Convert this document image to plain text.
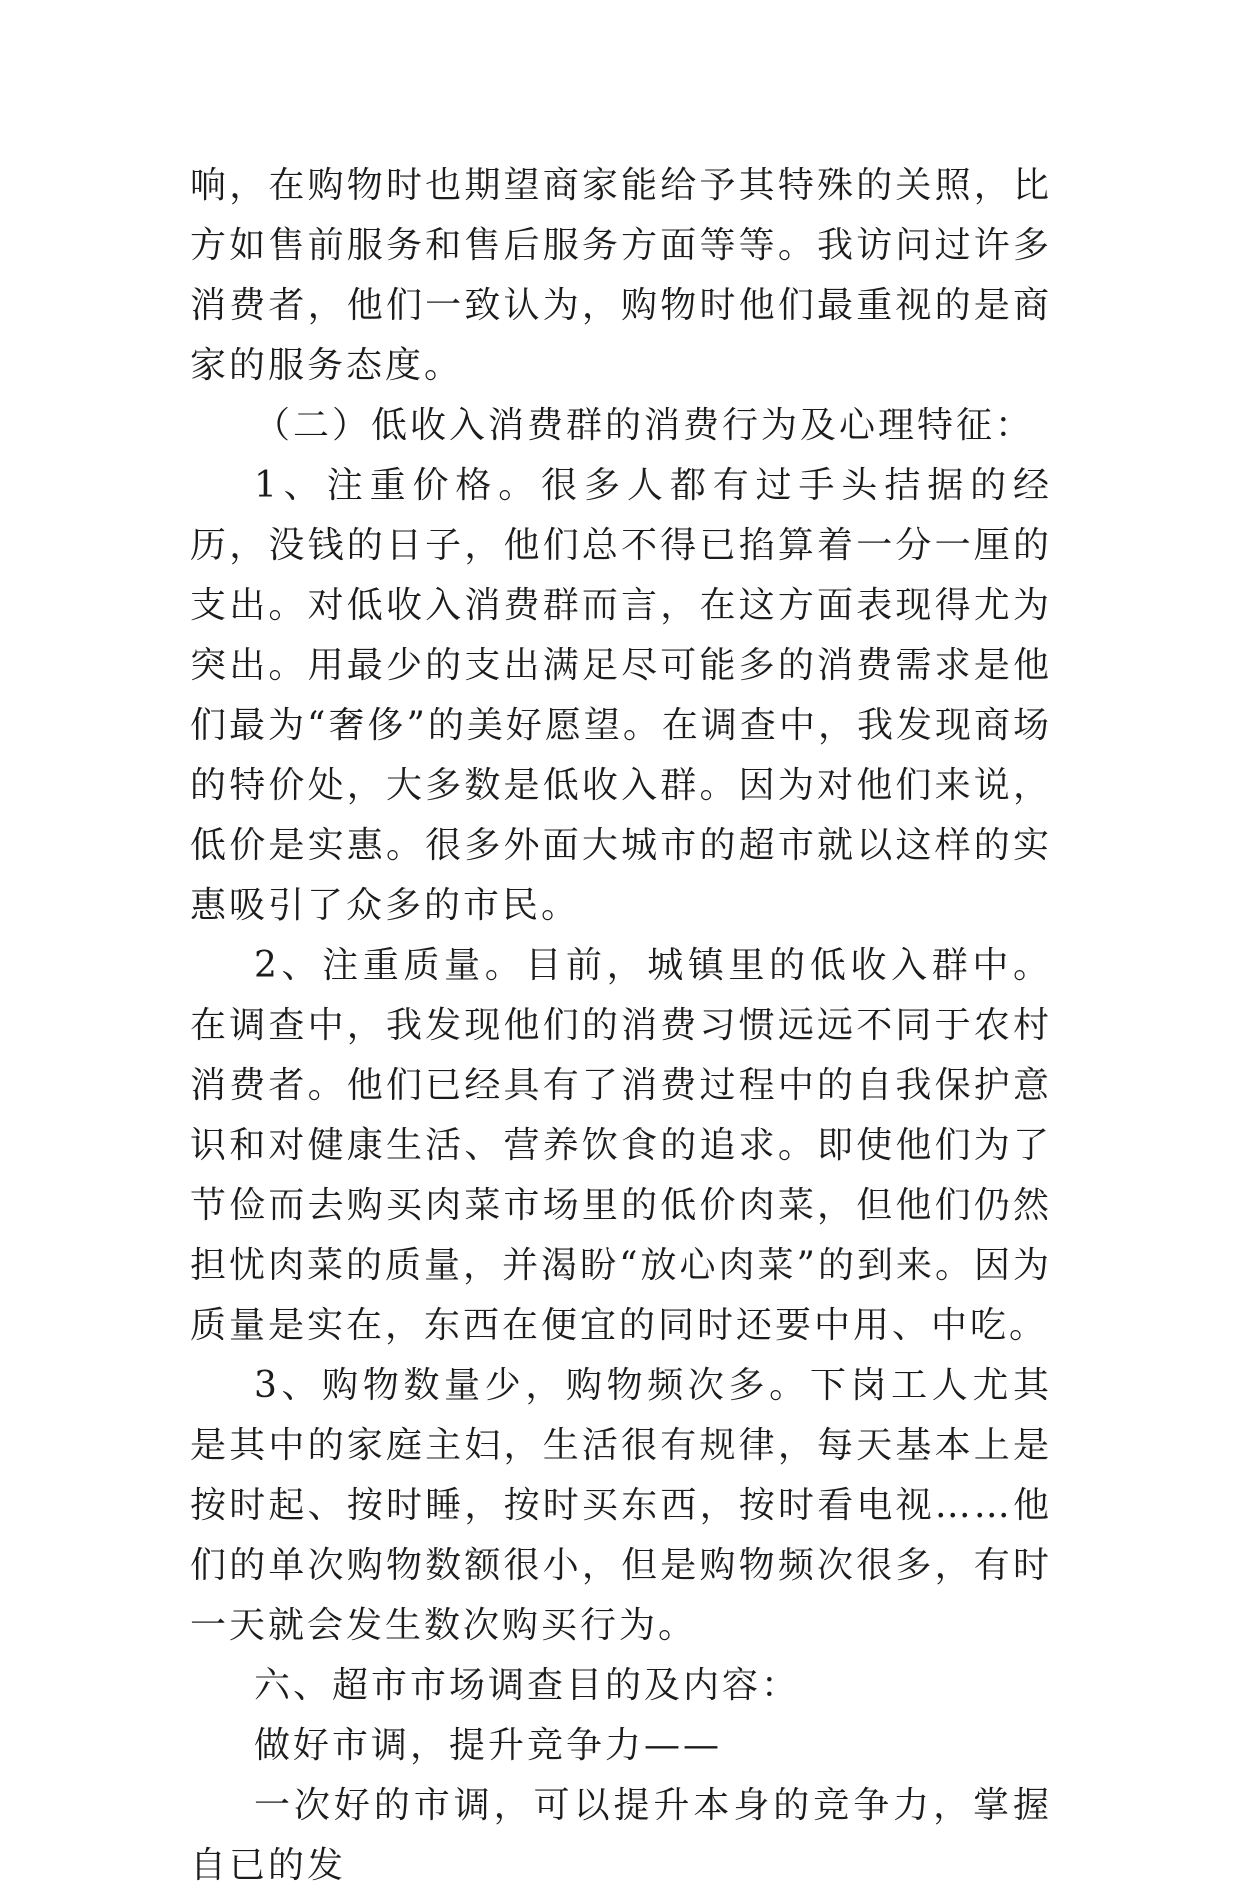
响，在购物时也期望商家能给予其特殊的关照，比方如售前服务和售后服务方面等等。我访问过许多消费者，他们一致认为，购物时他们最重视的是商家的服务态度。

（二）低收入消费群的消费行为及心理特征：

1、注重价格。很多人都有过手头拮据的经历，没钱的日子，他们总不得已掐算着一分一厘的支出。对低收入消费群而言，在这方面表现得尤为突出。用最少的支出满足尽可能多的消费需求是他们最为“奢侈”的美好愿望。在调查中，我发现商场的特价处，大多数是低收入群。因为对他们来说，低价是实惠。很多外面大城市的超市就以这样的实惠吸引了众多的市民。

2、注重质量。目前，城镇里的低收入群中。在调查中，我发现他们的消费习惯远远不同于农村消费者。他们已经具有了消费过程中的自我保护意识和对健康生活、营养饮食的追求。即使他们为了节俭而去购买肉菜市场里的低价肉菜，但他们仍然担忧肉菜的质量，并渴盼“放心肉菜”的到来。因为质量是实在，东西在便宜的同时还要中用、中吃。

3、购物数量少，购物频次多。下岗工人尤其是其中的家庭主妇，生活很有规律，每天基本上是按时起、按时睡，按时买东西，按时看电视……他们的单次购物数额很小，但是购物频次很多，有时一天就会发生数次购买行为。

六、超市市场调查目的及内容：

做好市调，提升竞争力——

一次好的市调，可以提升本身的竞争力，掌握自已的发
